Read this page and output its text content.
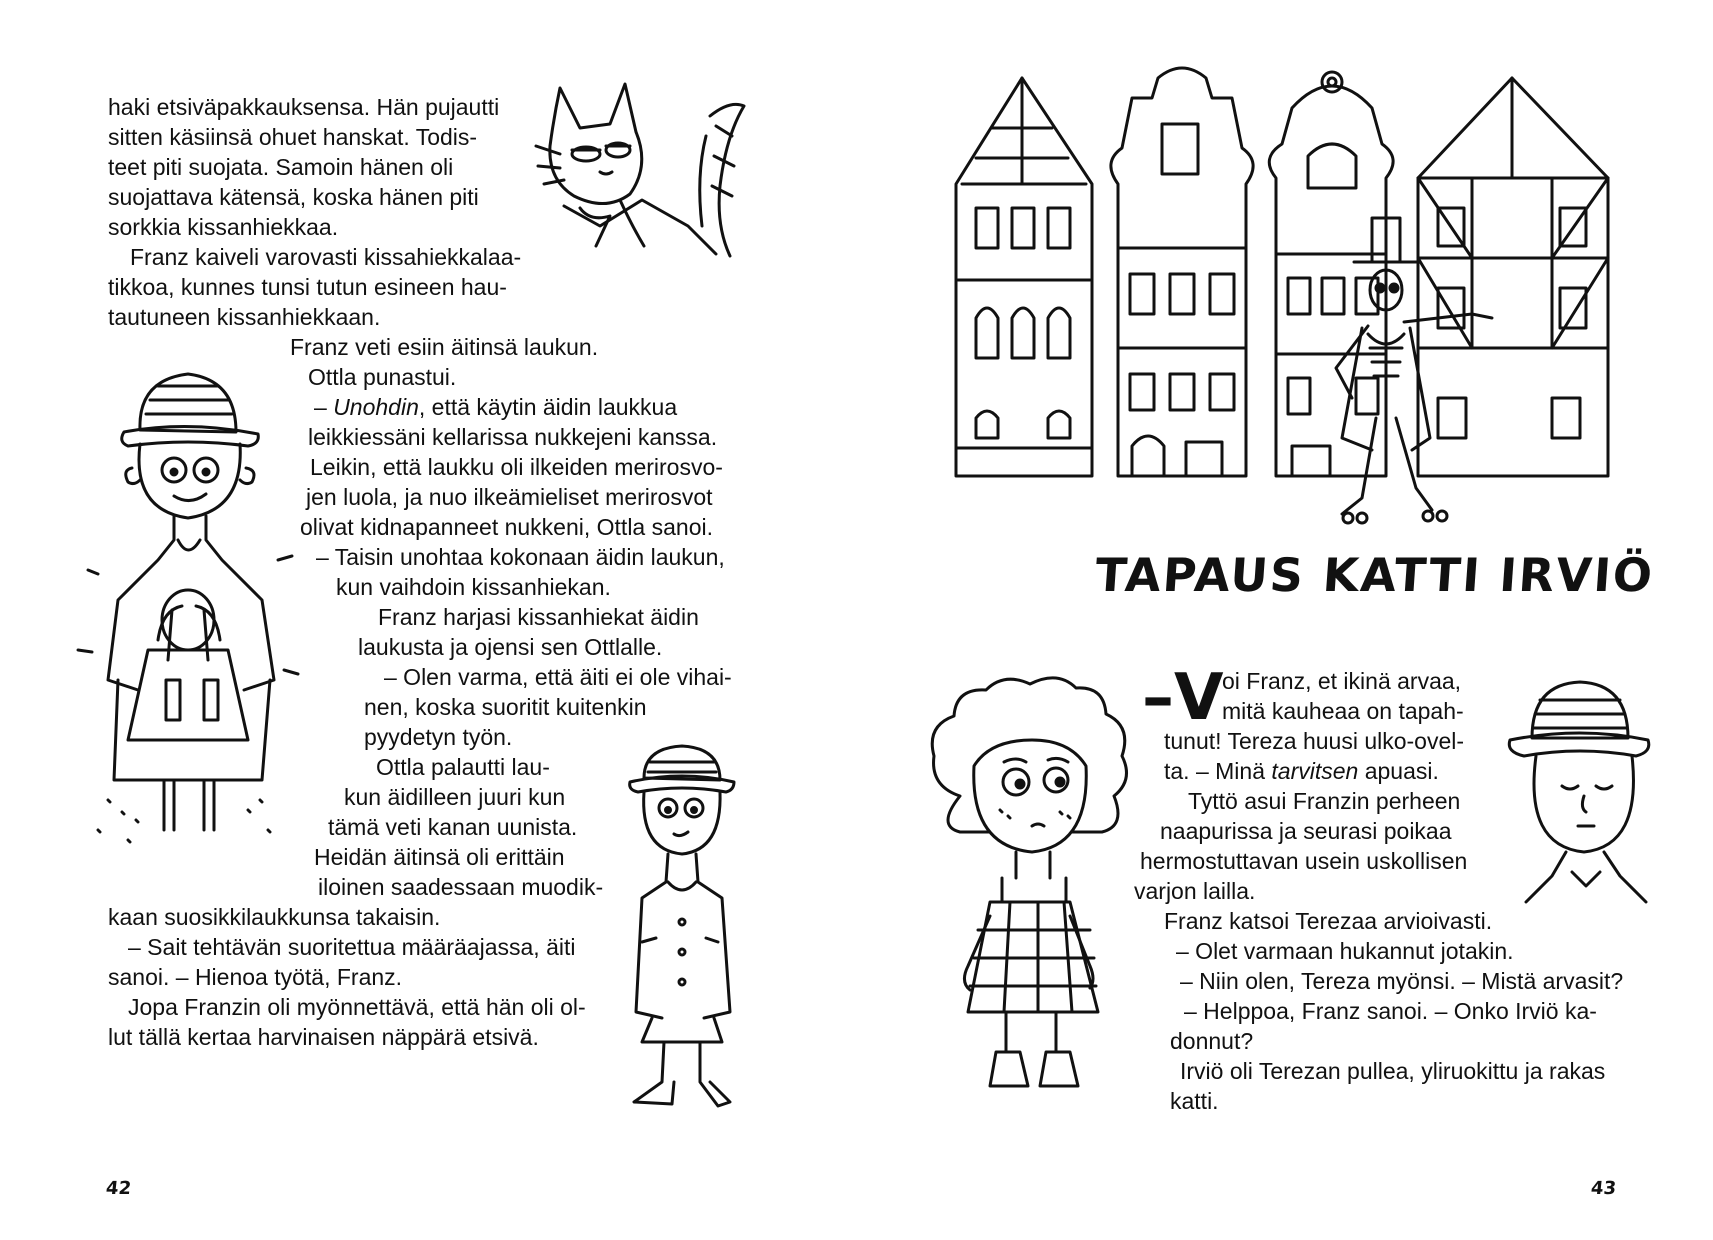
haki etsiväpakkauksensa. Hän pujautti
sitten käsiinsä ohuet hanskat. Todis-
teet piti suojata. Samoin hänen oli
suojattava kätensä, koska hänen piti
sorkkia kissanhiekkaa.
Franz kaiveli varovasti kissahiekkalaa-
tikkoa, kunnes tunsi tutun esineen hau-
tautuneen kissanhiekkaan.
Franz veti esiin äitinsä laukun.
Ottla punastui.
– Unohdin, että käytin äidin laukkua
leikkiessäni kellarissa nukkejeni kanssa.
Leikin, että laukku oli ilkeiden merirosvo-
jen luola, ja nuo ilkeämieliset merirosvot
olivat kidnapanneet nukkeni, Ottla sanoi.
– Taisin unohtaa kokonaan äidin laukun,
kun vaihdoin kissanhiekan.
Franz harjasi kissanhiekat äidin
laukusta ja ojensi sen Ottlalle.
– Olen varma, että äiti ei ole vihai-
nen, koska suoritit kuitenkin
pyydetyn työn.
Ottla palautti lau-
kun äidilleen juuri kun
tämä veti kanan uunista.
Heidän äitinsä oli erittäin
iloinen saadessaan muodik-
kaan suosikkilaukkunsa takaisin.
– Sait tehtävän suoritettua määräajassa, äiti
sanoi. – Hienoa työtä, Franz.
Jopa Franzin oli myönnettävä, että hän oli ol-
lut tällä kertaa harvinaisen näppärä etsivä.
42
TAPAUS KATTI IRVIÖ
–V
oi Franz, et ikinä arvaa,
mitä kauheaa on tapah-
tunut! Tereza huusi ulko-ovel-
ta. – Minä tarvitsen apuasi.
Tyttö asui Franzin perheen
naapurissa ja seurasi poikaa
hermostuttavan usein uskollisen
varjon lailla.
Franz katsoi Terezaa arvioivasti.
– Olet varmaan hukannut jotakin.
– Niin olen, Tereza myönsi. – Mistä arvasit?
– Helppoa, Franz sanoi. – Onko Irviö ka-
donnut?
Irviö oli Terezan pullea, yliruokittu ja rakas
katti.
43
